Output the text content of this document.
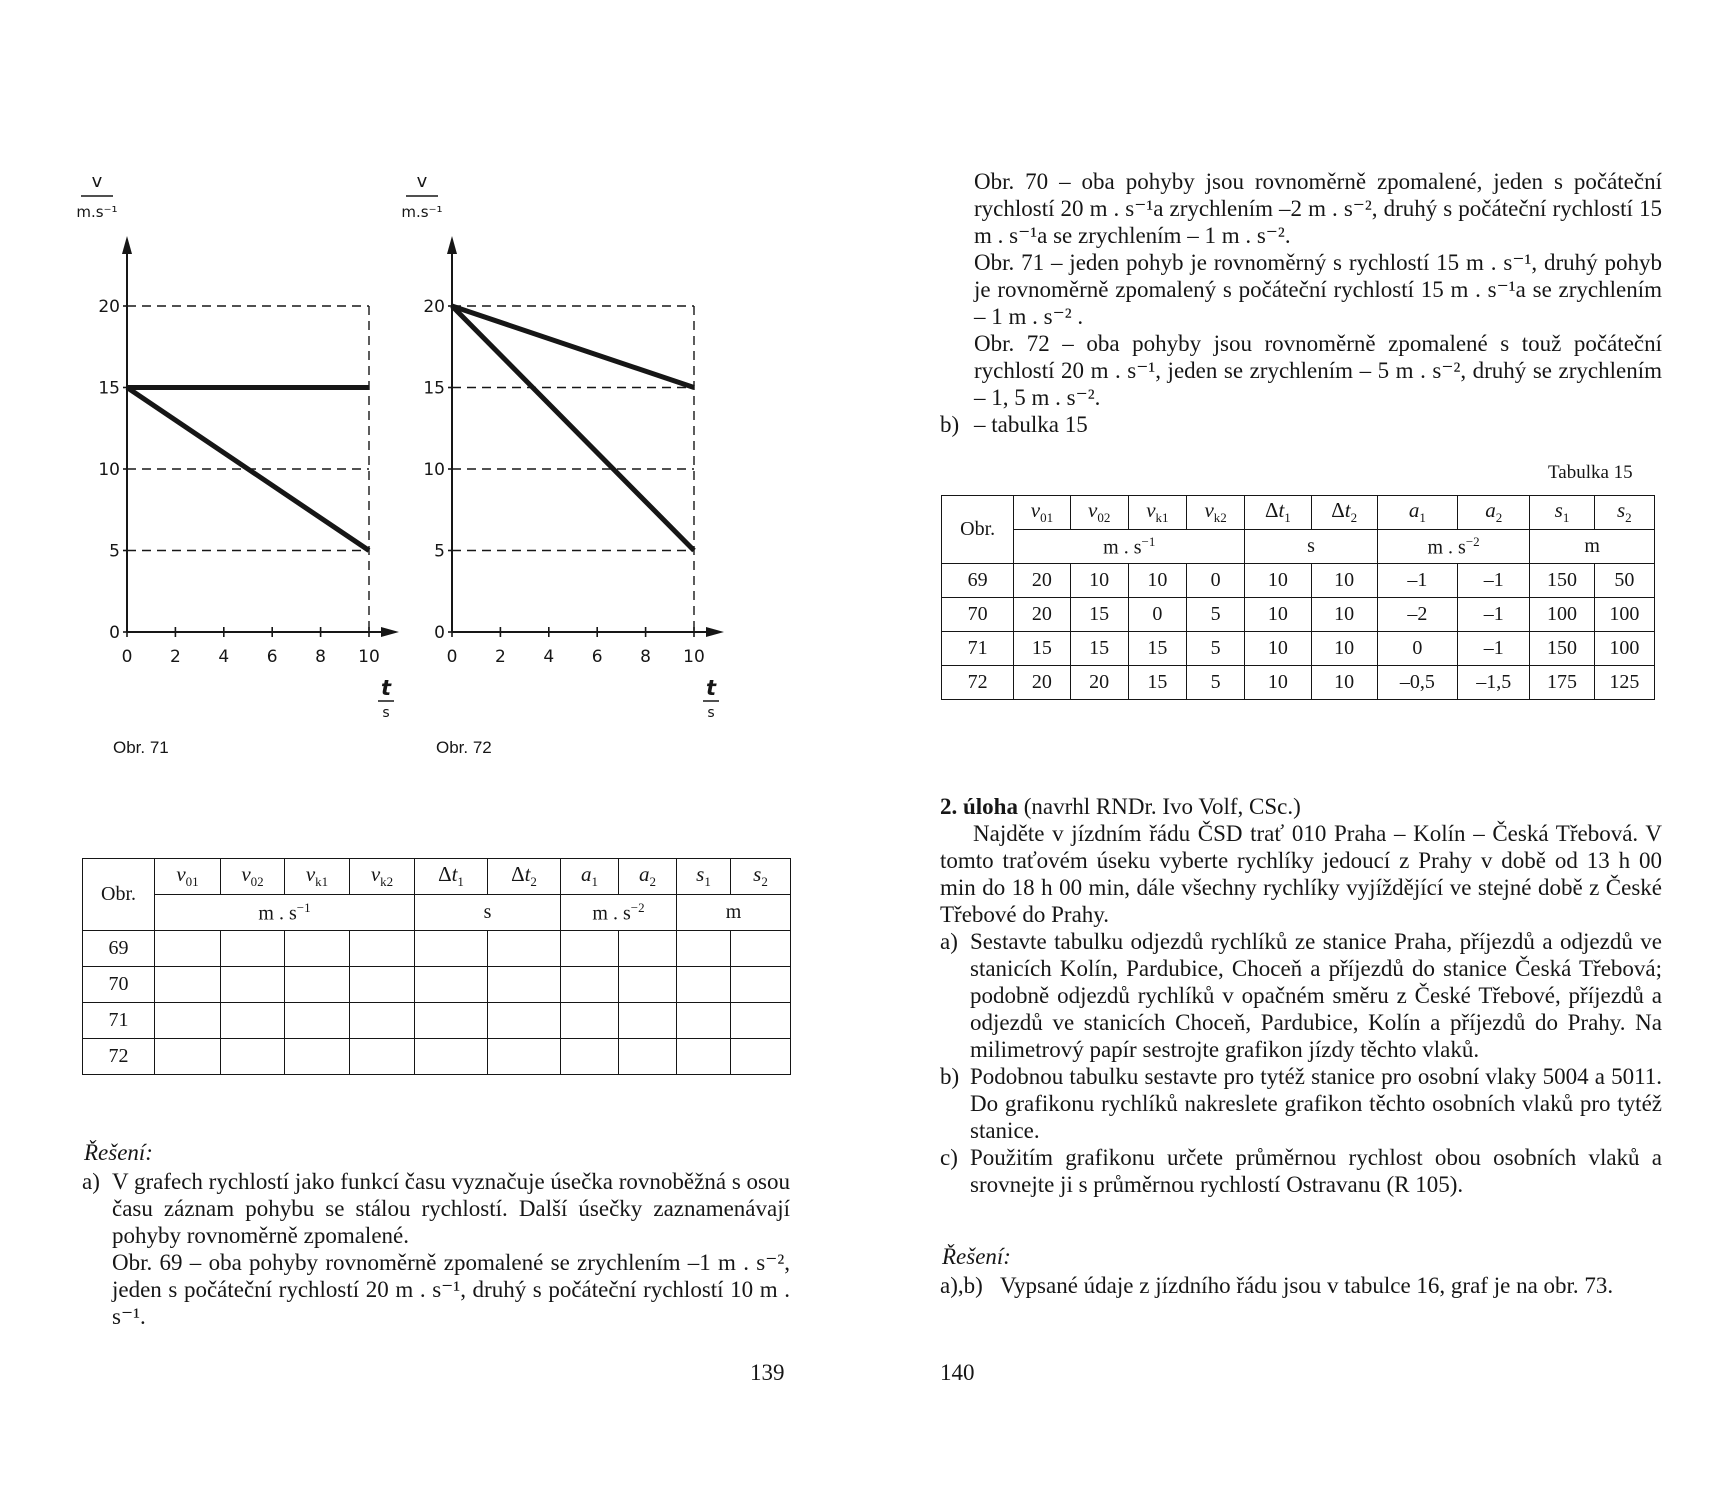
0
5
10
15
20
0 2 4 6 8 10
v
m.s⁻¹
t
s
Obr. 71
0
5
10
15
20
0 2 4 6 8 10
v
m.s⁻¹
t
s
Obr. 72
Obr.	$v_{01}$	$v_{02}$	$v_{k1}$	$v_{k2}$	$\Delta t_1$	$\Delta t_2$	$a_1$	$a_2$	$s_1$	$s_2$
	m . $s^{-1}$				s		m . $s^{-2}$		m	
69										
70										
71										
72										
Řešení:
a) V grafech rychlostí jako funkcí času vyznačuje úsečka rovnoběžná s osou času záznam pohybu se stálou rychlostí. Další úsečky zaznamenávají pohyby rovnoměrně zpomalené.

Obr. 69 – oba pohyby rovnoměrně zpomalené se zrychlením –1 m . s⁻², jeden s počáteční rychlostí 20 m . s⁻¹, druhý s počáteční rychlostí 10 m . s⁻¹.

139

Obr. 70 – oba pohyby jsou rovnoměrně zpomalené, jeden s počáteční rychlostí 20 m . s⁻¹a zrychlením –2 m . s⁻², druhý s počáteční rychlostí 15 m . s⁻¹a se zrychlením – 1 m . s⁻².

Obr. 71 – jeden pohyb je rovnoměrný s rychlostí 15 m . s⁻¹, druhý pohyb je rovnoměrně zpomalený s počáteční rychlostí 15 m . s⁻¹a se zrychlením – 1 m . s⁻² .

Obr. 72 – oba pohyby jsou rovnoměrně zpomalené s touž počáteční rychlostí 20 m . s⁻¹, jeden se zrychlením – 5 m . s⁻², druhý se zrychlením – 1, 5 m . s⁻².

b) – tabulka 15
Tabulka 15
Obr.	$v_{01}$	$v_{02}$	$v_{k1}$	$v_{k2}$	$\Delta t_1$	$\Delta t_2$	$a_1$	$a_2$	$s_1$	$s_2$
	m . $s^{-1}$				s		m . $s^{-2}$		m	
69	20	10	10	0	10	10	–1	–1	150	50
70	20	15	0	5	10	10	–2	–1	100	100
71	15	15	15	5	10	10	0	–1	150	100
72	20	20	15	5	10	10	–0,5	–1,5	175	125

2. úloha (navrhl RNDr. Ivo Volf, CSc.)

Najděte v jízdním řádu ČSD trať 010 Praha – Kolín – Česká Třebová. V tomto traťovém úseku vyberte rychlíky jedoucí z Prahy v době od 13 h 00 min do 18 h 00 min, dále všechny rychlíky vyjíždějící ve stejné době z České Třebové do Prahy.

a) Sestavte tabulku odjezdů rychlíků ze stanice Praha, příjezdů a odjezdů ve stanicích Kolín, Pardubice, Choceň a příjezdů do stanice Česká Třebová; podobně odjezdů rychlíků v opačném směru z České Třebové, příjezdů a odjezdů ve stanicích Choceň, Pardubice, Kolín a příjezdů do Prahy. Na milimetrový papír sestrojte grafikon jízdy těchto vlaků.
b) Podobnou tabulku sestavte pro tytéž stanice pro osobní vlaky 5004 a 5011. Do grafikonu rychlíků nakreslete grafikon těchto osobních vlaků pro tytéž stanice.
c) Použitím grafikonu určete průměrnou rychlost obou osobních vlaků a srovnejte ji s průměrnou rychlostí Ostravanu (R 105).
Řešení:
a),b) Vypsané údaje z jízdního řádu jsou v tabulce 16, graf je na obr. 73.
140
